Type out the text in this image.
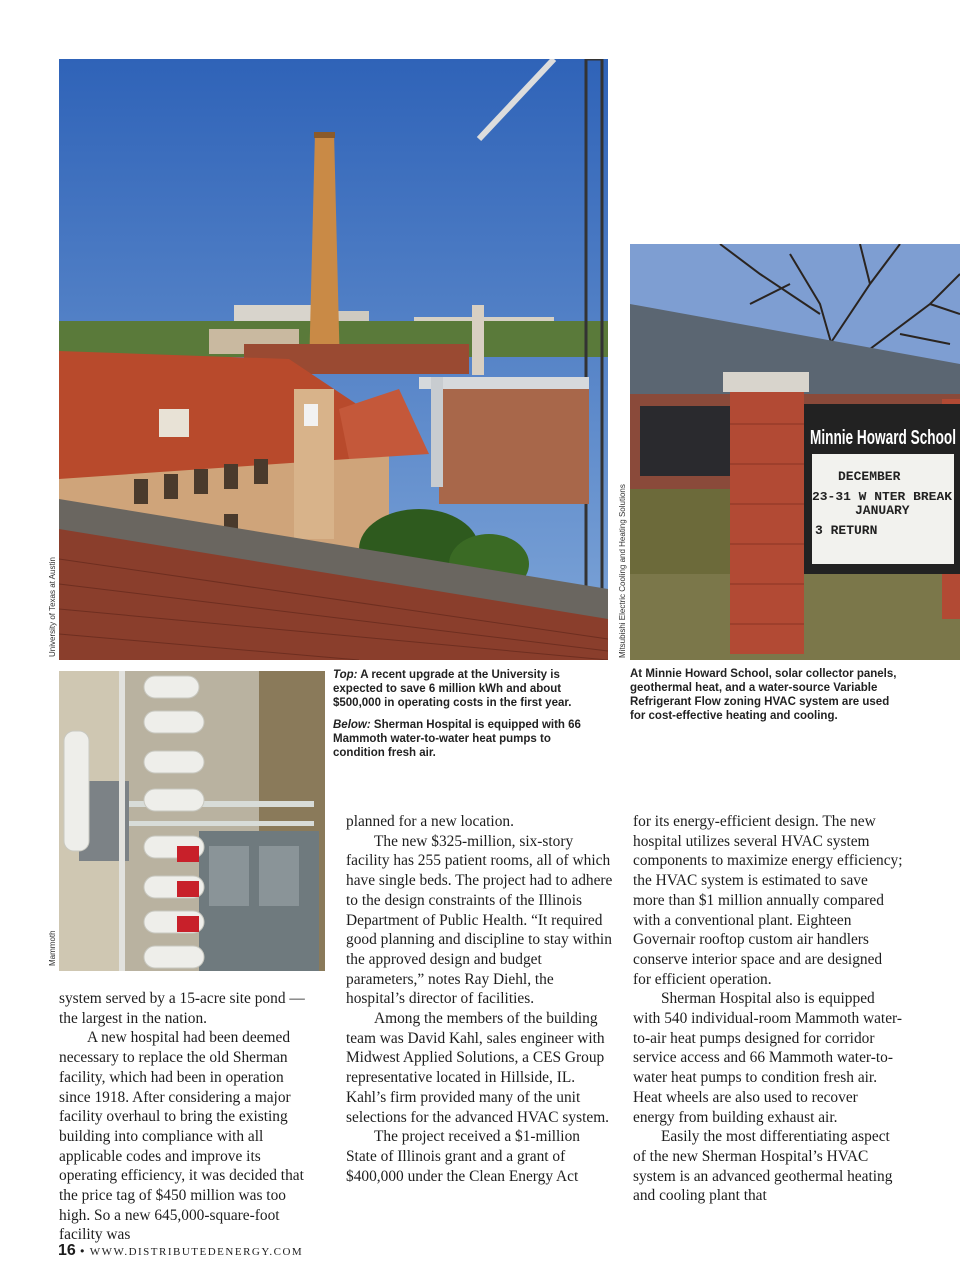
University of Texas at Austin
Minnie Howard School
DECEMBER
23-31 W NTER BREAK
JANUARY
3 RETURN
Mitsubishi Electric Cooling and Heating Solutions
Mammoth

Top: A recent upgrade at the University is expected to save 6 million kWh and about $500,000 in operating costs in the first year.

Below: Sherman Hospital is equipped with 66 Mammoth water-to-water heat pumps to condition fresh air.

At Minnie Howard School, solar collector panels, geothermal heat, and a water-source Variable Refrigerant Flow zoning HVAC system are used for cost-effective heating and cooling.

system served by a 15-acre site pond —the largest in the nation.

A new hospital had been deemed necessary to replace the old Sherman facility, which had been in operation since 1918. After considering a major facility overhaul to bring the existing building into compliance with all applicable codes and improve its operating efficiency, it was decided that the price tag of $450 million was too high. So a new 645,000-square-foot facility was

planned for a new location.

The new $325-million, six-story facility has 255 patient rooms, all of which have single beds. The project had to adhere to the design constraints of the Illinois Department of Public Health. “It required good planning and discipline to stay within the approved design and budget parameters,” notes Ray Diehl, the hospital’s director of facilities.

Among the members of the building team was David Kahl, sales engineer with Midwest Applied Solutions, a CES Group representative located in Hillside, IL. Kahl’s firm provided many of the unit selections for the advanced HVAC system.

The project received a $1-million State of Illinois grant and a grant of $400,000 under the Clean Energy Act

for its energy-efficient design. The new hospital utilizes several HVAC system components to maximize energy efficiency; the HVAC system is estimated to save more than $1 million annually compared with a conventional plant. Eighteen Governair rooftop custom air handlers conserve interior space and are designed for efficient operation.

Sherman Hospital also is equipped with 540 individual-room Mammoth water-to-air heat pumps designed for corridor service access and 66 Mammoth water-to-water heat pumps to condition fresh air. Heat wheels are also used to recover energy from building exhaust air.

Easily the most differentiating aspect of the new Sherman Hospital’s HVAC system is an advanced geothermal heating and cooling plant that

16 • WWW.DISTRIBUTEDENERGY.COM
